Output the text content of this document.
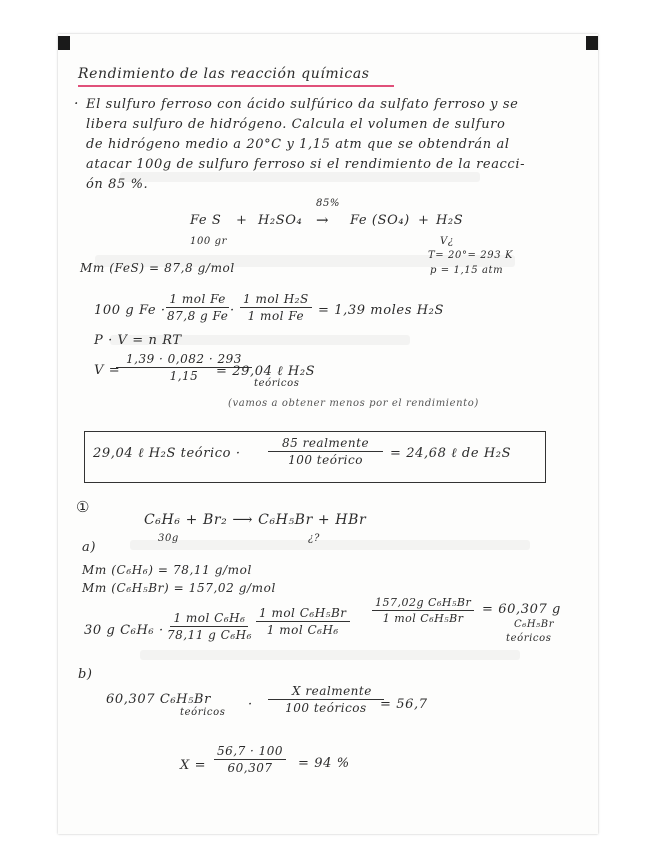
Rendimiento de las reacción químicas
· El sulfuro ferroso con ácido sulfúrico da sulfato ferroso y se
libera sulfuro de hidrógeno. Calcula el volumen de sulfuro
de hidrógeno medio a 20°C y 1,15 atm que se obtendrán al
atacar 100g de sulfuro ferroso si el rendimiento de la reacci-
ón 85 %.
85%
Fe S + H₂SO₄ → Fe (SO₄) + H₂S
100 gr	V¿
T= 20°= 293 K
p = 1,15 atm
Mm (FeS) = 87,8 g/mol
100 g Fe ·
1 mol Fe
87,8 g Fe ·
1 mol H₂S
1 mol Fe = 1,39 moles H₂S
P · V = n RT
V =
$\frac{1,39 \cdot 0,082 \cdot 293}{1,15}$
= 29,04 ℓ H₂S
teóricos
(vamos a obtener menos por el rendimiento)
29,04 ℓ H₂S teórico ·
85 realmente
100 teórico = 24,68 ℓ de H₂S
①
C₆H₆ + Br₂ ⟶ C₆H₅Br + HBr
30g	¿?
a)
Mm (C₆H₆) = 78,11 g/mol
Mm (C₆H₅Br) = 157,02 g/mol
30 g C₆H₆ ·
1 mol C₆H₆
78,11 g C₆H₆
1 mol C₆H₅Br
1 mol C₆H₆
157,02g C₆H₅Br
1 mol C₆H₅Br
= 60,307 g
C₆H₅Br
teóricos
b)
60,307 C₆H₅Br
teóricos
·
X realmente
100 teóricos = 56,7
$X = \frac{56,7 \cdot 100}{60,307} = 94$ %
